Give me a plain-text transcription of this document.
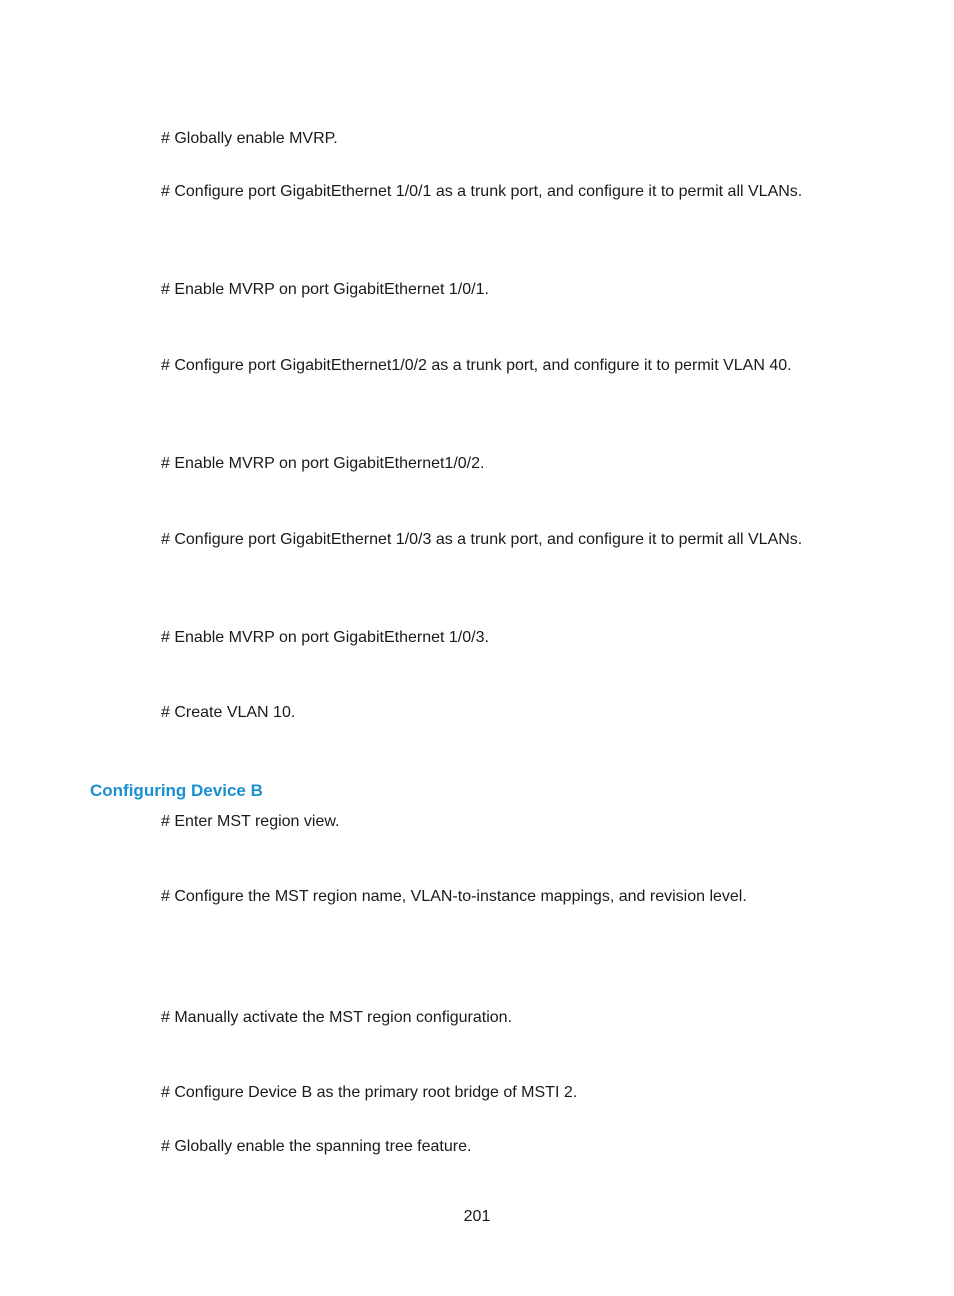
# Globally enable MVRP.
# Configure port GigabitEthernet 1/0/1 as a trunk port, and configure it to permit all VLANs.
# Enable MVRP on port GigabitEthernet 1/0/1.
# Configure port GigabitEthernet1/0/2 as a trunk port, and configure it to permit VLAN 40.
# Enable MVRP on port GigabitEthernet1/0/2.
# Configure port GigabitEthernet 1/0/3 as a trunk port, and configure it to permit all VLANs.
# Enable MVRP on port GigabitEthernet 1/0/3.
# Create VLAN 10.
Configuring Device B
# Enter MST region view.
# Configure the MST region name, VLAN-to-instance mappings, and revision level.
# Manually activate the MST region configuration.
# Configure Device B as the primary root bridge of MSTI 2.
# Globally enable the spanning tree feature.
201
